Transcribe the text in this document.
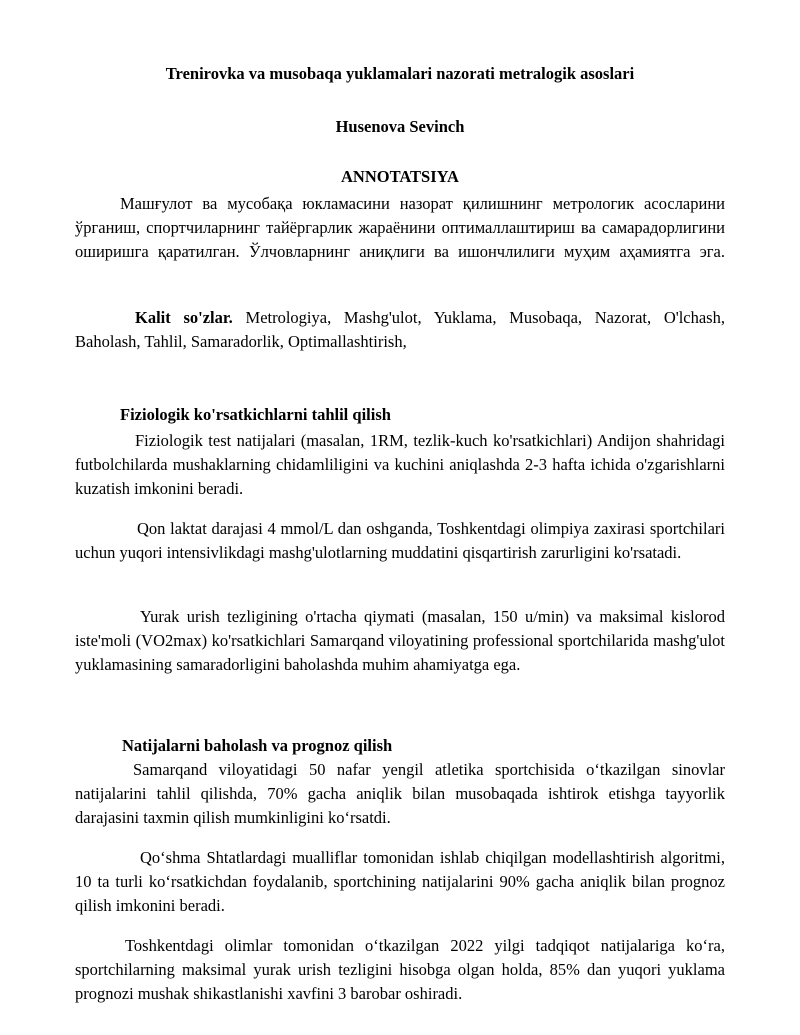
Trenirovka va musobaqa yuklamalari nazorati metralogik asoslari
Husenova Sevinch
ANNOTATSIYA

Машғулот ва мусобақа юкламасини назорат қилишнинг метрологик асосларини ўрганиш, спортчиларнинг тайёргарлик жараёнини оптималлаштириш ва самарадорлигини оширишга қаратилган. Ўлчовларнинг аниқлиги ва ишончлилиги муҳим аҳамиятга эга.

Kalit so'zlar. Metrologiya, Mashg'ulot, Yuklama, Musobaqa, Nazorat, O'lchash, Baholash, Tahlil, Samaradorlik, Optimallashtirish,

Fiziologik ko'rsatkichlarni tahlil qilish

Fiziologik test natijalari (masalan, 1RM, tezlik-kuch ko'rsatkichlari) Andijon shahridagi futbolchilarda mushaklarning chidamliligini va kuchini aniqlashda 2-3 hafta ichida o'zgarishlarni kuzatish imkonini beradi.

Qon laktat darajasi 4 mmol/L dan oshganda, Toshkentdagi olimpiya zaxirasi sportchilari uchun yuqori intensivlikdagi mashg'ulotlarning muddatini qisqartirish zarurligini ko'rsatadi.

Yurak urish tezligining o'rtacha qiymati (masalan, 150 u/min) va maksimal kislorod iste'moli (VO2max) ko'rsatkichlari Samarqand viloyatining professional sportchilarida mashg'ulot yuklamasining samaradorligini baholashda muhim ahamiyatga ega.

Natijalarni baholash va prognoz qilish

Samarqand viloyatidagi 50 nafar yengil atletika sportchisida o‘tkazilgan sinovlar natijalarini tahlil qilishda, 70% gacha aniqlik bilan musobaqada ishtirok etishga tayyorlik darajasini taxmin qilish mumkinligini ko‘rsatdi.

Qo‘shma Shtatlardagi mualliflar tomonidan ishlab chiqilgan modellashtirish algoritmi, 10 ta turli ko‘rsatkichdan foydalanib, sportchining natijalarini 90% gacha aniqlik bilan prognoz qilish imkonini beradi.

Toshkentdagi olimlar tomonidan o‘tkazilgan 2022 yilgi tadqiqot natijalariga ko‘ra, sportchilarning maksimal yurak urish tezligini hisobga olgan holda, 85% dan yuqori yuklama prognozi mushak shikastlanishi xavfini 3 barobar oshiradi.
